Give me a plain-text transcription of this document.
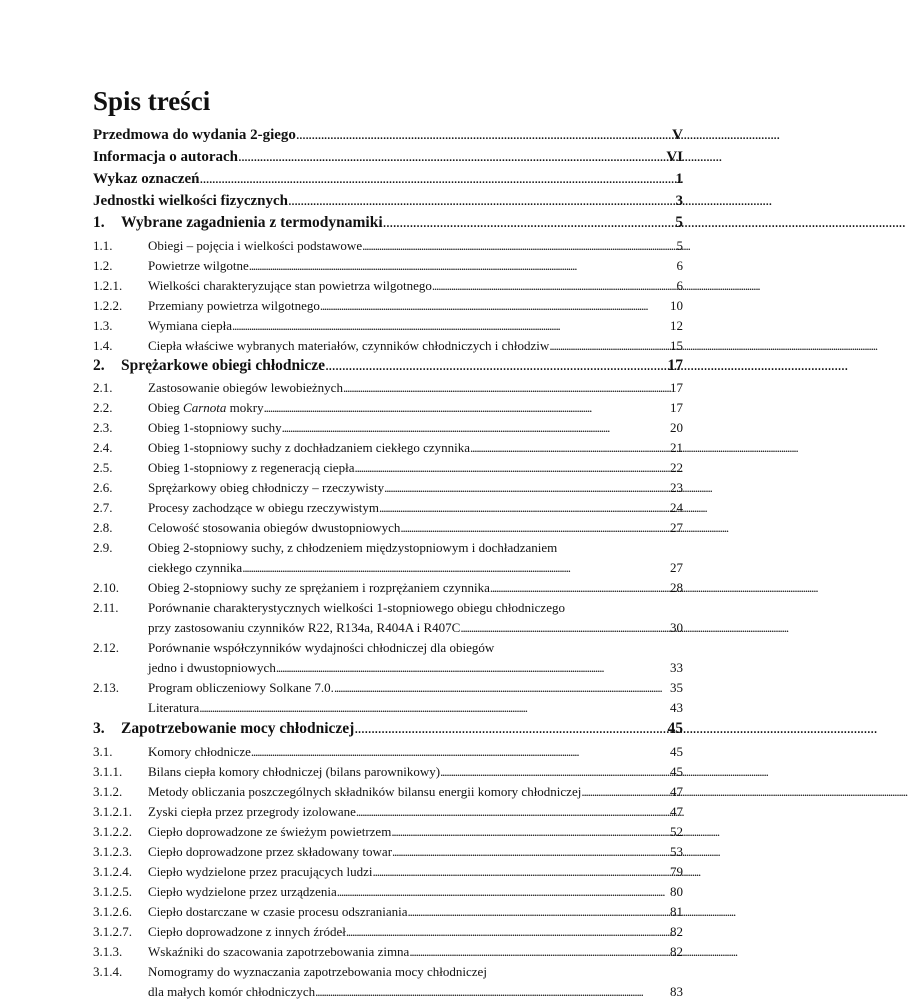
Spis treści
Przedmowa do wydania 2-giego . . .	V
Informacja o autorach . . .	VI
Wykaz oznaczeń . . .	1
Jednostki wielkości fizycznych . . .	3
1.	Wybrane zagadnienia z termodynamiki . . .	5
1.1.	Obiegi – pojęcia i wielkości podstawowe . . .	5
1.2.	Powietrze wilgotne . . .	6
1.2.1.	Wielkości charakteryzujące stan powietrza wilgotnego . . .	6
1.2.2.	Przemiany powietrza wilgotnego . . .	10
1.3.	Wymiana ciepła . . .	12
1.4.	Ciepła właściwe wybranych materiałów, czynników chłodniczych i chłodziw . . .	15
2.	Sprężarkowe obiegi chłodnicze . . .	17
2.1.	Zastosowanie obiegów lewobieżnych . . .	17
2.2.	Obieg Carnota mokry . . .	17
2.3.	Obieg 1-stopniowy suchy . . .	20
2.4.	Obieg 1-stopniowy suchy z dochładzaniem ciekłego czynnika . . .	21
2.5.	Obieg 1-stopniowy z regeneracją ciepła . . .	22
2.6.	Sprężarkowy obieg chłodniczy – rzeczywisty . . .	23
2.7.	Procesy zachodzące w obiegu rzeczywistym . . .	24
2.8.	Celowość stosowania obiegów dwustopniowych . . .	27
2.9.	Obieg 2-stopniowy suchy, z chłodzeniem międzystopniowym i dochładzaniem
ciekłego czynnika . . .	27
2.10.	Obieg 2-stopniowy suchy ze sprężaniem i rozprężaniem czynnika . . .	28
2.11.	Porównanie charakterystycznych wielkości 1-stopniowego obiegu chłodniczego
przy zastosowaniu czynników R22, R134a, R404A i R407C . . .	30
2.12.	Porównanie współczynników wydajności chłodniczej dla obiegów
jedno i dwustopniowych . . .	33
2.13.	Program obliczeniowy Solkane 7.0. . . .	35
Literatura . . .	43
3.	Zapotrzebowanie mocy chłodniczej . . .	45
3.1.	Komory chłodnicze . . .	45
3.1.1.	Bilans ciepła komory chłodniczej (bilans parownikowy) . . .	45
3.1.2.	Metody obliczania poszczególnych składników bilansu energii komory chłodniczej . . .	47
3.1.2.1.	Zyski ciepła przez przegrody izolowane . . .	47
3.1.2.2.	Ciepło doprowadzone ze świeżym powietrzem . . .	52
3.1.2.3.	Ciepło doprowadzone przez składowany towar . . .	53
3.1.2.4.	Ciepło wydzielone przez pracujących ludzi . . .	79
3.1.2.5.	Ciepło wydzielone przez urządzenia . . .	80
3.1.2.6.	Ciepło dostarczane w czasie procesu odszraniania . . .	81
3.1.2.7.	Ciepło doprowadzone z innych źródeł . . .	82
3.1.3.	Wskaźniki do szacowania zapotrzebowania zimna . . .	82
3.1.4.	Nomogramy do wyznaczania zapotrzebowania mocy chłodniczej
dla małych komór chłodniczych . . .	83
